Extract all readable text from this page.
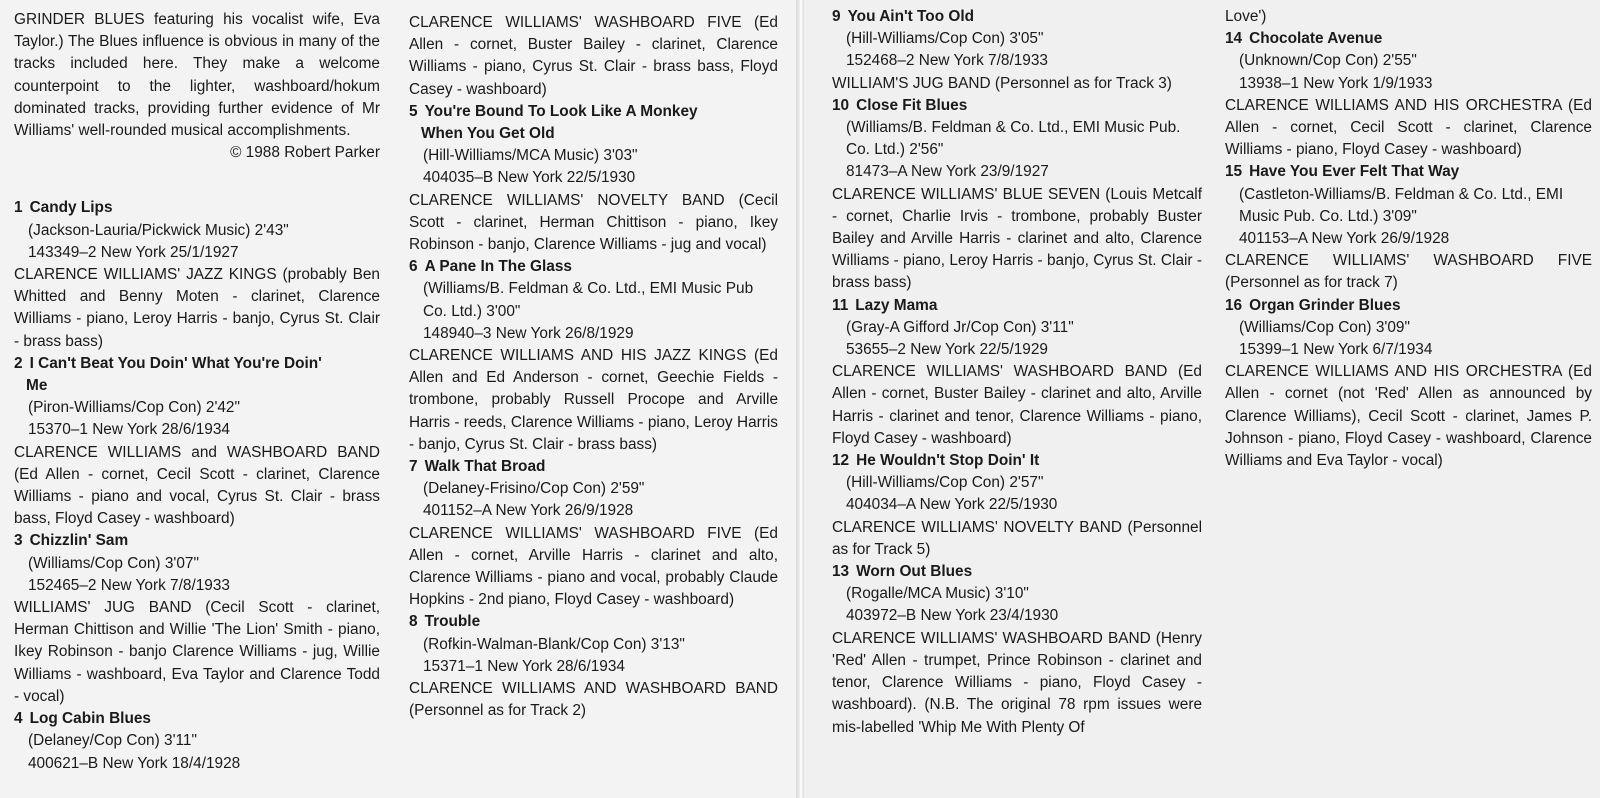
GRINDER BLUES featuring his vocalist wife, Eva Taylor.) The Blues influence is obvious in many of the tracks included here. They make a welcome counterpoint to the lighter, washboard/hokum dominated tracks, providing further evidence of Mr Williams' well-rounded musical accomplishments.
© 1988 Robert Parker
1 Candy Lips
(Jackson-Lauria/Pickwick Music) 2'43"
143349–2 New York 25/1/1927
CLARENCE WILLIAMS' JAZZ KINGS (probably Ben Whitted and Benny Moten - clarinet, Clarence Williams - piano, Leroy Harris - banjo, Cyrus St. Clair - brass bass)
2 I Can't Beat You Doin' What You're Doin'
Me
(Piron-Williams/Cop Con) 2'42"
15370–1 New York 28/6/1934
CLARENCE WILLIAMS and WASHBOARD BAND (Ed Allen - cornet, Cecil Scott - clarinet, Clarence Williams - piano and vocal, Cyrus St. Clair - brass bass, Floyd Casey - washboard)
3 Chizzlin' Sam
(Williams/Cop Con) 3'07"
152465–2 New York 7/8/1933
WILLIAMS' JUG BAND (Cecil Scott - clarinet, Herman Chittison and Willie 'The Lion' Smith - piano, Ikey Robinson - banjo Clarence Williams - jug, Willie Williams - washboard, Eva Taylor and Clarence Todd - vocal)
4 Log Cabin Blues
(Delaney/Cop Con) 3'11"
400621–B New York 18/4/1928
CLARENCE WILLIAMS' WASHBOARD FIVE (Ed Allen - cornet, Buster Bailey - clarinet, Clarence Williams - piano, Cyrus St. Clair - brass bass, Floyd Casey - washboard)
5 You're Bound To Look Like A Monkey
When You Get Old
(Hill-Williams/MCA Music) 3'03"
404035–B New York 22/5/1930
CLARENCE WILLIAMS' NOVELTY BAND (Cecil Scott - clarinet, Herman Chittison - piano, Ikey Robinson - banjo, Clarence Williams - jug and vocal)
6 A Pane In The Glass
(Williams/B. Feldman & Co. Ltd., EMI Music Pub Co. Ltd.) 3'00"
148940–3 New York 26/8/1929
CLARENCE WILLIAMS AND HIS JAZZ KINGS (Ed Allen and Ed Anderson - cornet, Geechie Fields - trombone, probably Russell Procope and Arville Harris - reeds, Clarence Williams - piano, Leroy Harris - banjo, Cyrus St. Clair - brass bass)
7 Walk That Broad
(Delaney-Frisino/Cop Con) 2'59"
401152–A New York 26/9/1928
CLARENCE WILLIAMS' WASHBOARD FIVE (Ed Allen - cornet, Arville Harris - clarinet and alto, Clarence Williams - piano and vocal, probably Claude Hopkins - 2nd piano, Floyd Casey - washboard)
8 Trouble
(Rofkin-Walman-Blank/Cop Con) 3'13"
15371–1 New York 28/6/1934
CLARENCE WILLIAMS AND WASHBOARD BAND (Personnel as for Track 2)
9 You Ain't Too Old
(Hill-Williams/Cop Con) 3'05"
152468–2 New York 7/8/1933
WILLIAM'S JUG BAND (Personnel as for Track 3)
10 Close Fit Blues
(Williams/B. Feldman & Co. Ltd., EMI Music Pub. Co. Ltd.) 2'56"
81473–A New York 23/9/1927
CLARENCE WILLIAMS' BLUE SEVEN (Louis Metcalf - cornet, Charlie Irvis - trombone, probably Buster Bailey and Arville Harris - clarinet and alto, Clarence Williams - piano, Leroy Harris - banjo, Cyrus St. Clair - brass bass)
11 Lazy Mama
(Gray-A Gifford Jr/Cop Con) 3'11"
53655–2 New York 22/5/1929
CLARENCE WILLIAMS' WASHBOARD BAND (Ed Allen - cornet, Buster Bailey - clarinet and alto, Arville Harris - clarinet and tenor, Clarence Williams - piano, Floyd Casey - washboard)
12 He Wouldn't Stop Doin' It
(Hill-Williams/Cop Con) 2'57"
404034–A New York 22/5/1930
CLARENCE WILLIAMS' NOVELTY BAND (Personnel as for Track 5)
13 Worn Out Blues
(Rogalle/MCA Music) 3'10"
403972–B New York 23/4/1930
CLARENCE WILLIAMS' WASHBOARD BAND (Henry 'Red' Allen - trumpet, Prince Robinson - clarinet and tenor, Clarence Williams - piano, Floyd Casey - washboard). (N.B. The original 78 rpm issues were mis-labelled 'Whip Me With Plenty Of
Love')
14 Chocolate Avenue
(Unknown/Cop Con) 2'55"
13938–1 New York 1/9/1933
CLARENCE WILLIAMS AND HIS ORCHESTRA (Ed Allen - cornet, Cecil Scott - clarinet, Clarence Williams - piano, Floyd Casey - washboard)
15 Have You Ever Felt That Way
(Castleton-Williams/B. Feldman & Co. Ltd., EMI Music Pub. Co. Ltd.) 3'09"
401153–A New York 26/9/1928
CLARENCE WILLIAMS' WASHBOARD FIVE (Personnel as for track 7)
16 Organ Grinder Blues
(Williams/Cop Con) 3'09"
15399–1 New York 6/7/1934
CLARENCE WILLIAMS AND HIS ORCHESTRA (Ed Allen - cornet (not 'Red' Allen as announced by Clarence Williams), Cecil Scott - clarinet, James P. Johnson - piano, Floyd Casey - washboard, Clarence Williams and Eva Taylor - vocal)
